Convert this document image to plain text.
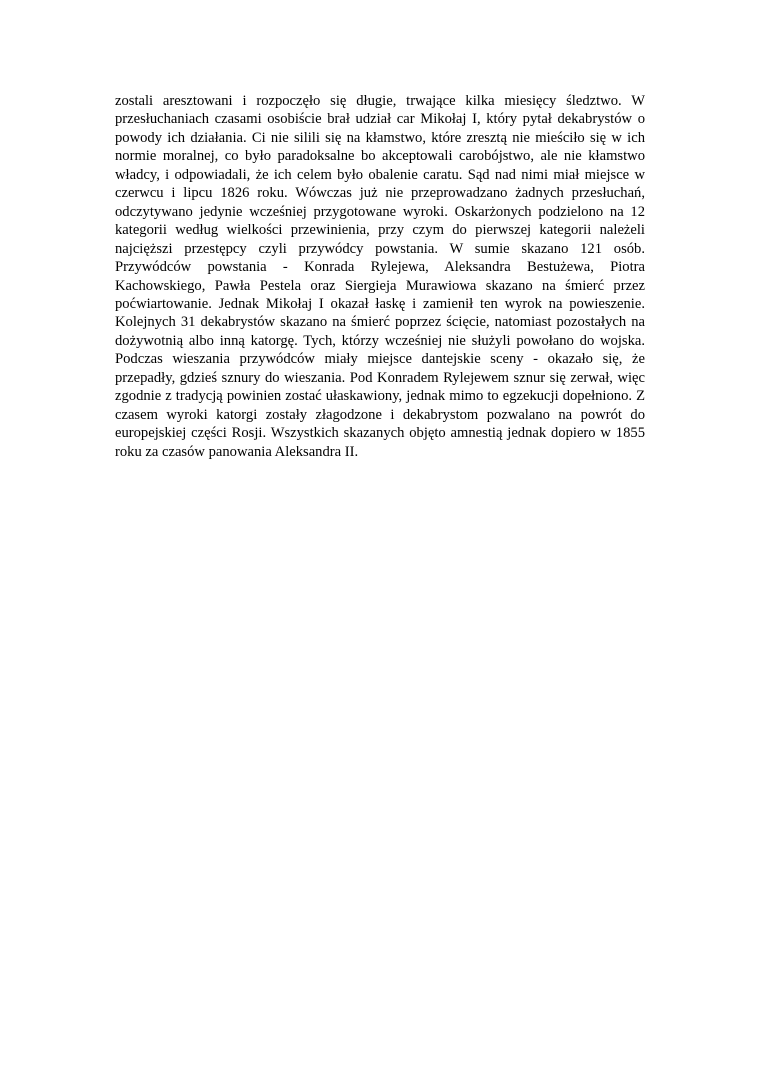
zostali aresztowani i rozpoczęło się długie, trwające kilka miesięcy śledztwo. W przesłuchaniach czasami osobiście brał udział car Mikołaj I, który pytał dekabrystów o powody ich działania. Ci nie silili się na kłamstwo, które zresztą nie mieściło się w ich normie moralnej, co było paradoksalne bo akceptowali carobójstwo, ale nie kłamstwo władcy, i odpowiadali, że ich celem było obalenie caratu. Sąd nad nimi miał miejsce w czerwcu i lipcu 1826 roku. Wówczas już nie przeprowadzano żadnych przesłuchań, odczytywano jedynie wcześniej przygotowane wyroki. Oskarżonych podzielono na 12 kategorii według wielkości przewinienia, przy czym do pierwszej kategorii należeli najcięższi przestępcy czyli przywódcy powstania. W sumie skazano 121 osób. Przywódców powstania - Konrada Rylejewa, Aleksandra Bestużewa, Piotra Kachowskiego, Pawła Pestela oraz Siergieja Murawiowa skazano na śmierć przez poćwiartowanie. Jednak Mikołaj I okazał łaskę i zamienił ten wyrok na powieszenie. Kolejnych 31 dekabrystów skazano na śmierć poprzez ścięcie, natomiast pozostałych na dożywotnią albo inną katorgę. Tych, którzy wcześniej nie służyli powołano do wojska. Podczas wieszania przywódców miały miejsce dantejskie sceny - okazało się, że przepadły, gdzieś sznury do wieszania. Pod Konradem Rylejewem sznur się zerwał, więc zgodnie z tradycją powinien zostać ułaskawiony, jednak mimo to egzekucji dopełniono. Z czasem wyroki katorgi zostały złagodzone i dekabrystom pozwalano na powrót do europejskiej części Rosji. Wszystkich skazanych objęto amnestią jednak dopiero w 1855 roku za czasów panowania Aleksandra II.
